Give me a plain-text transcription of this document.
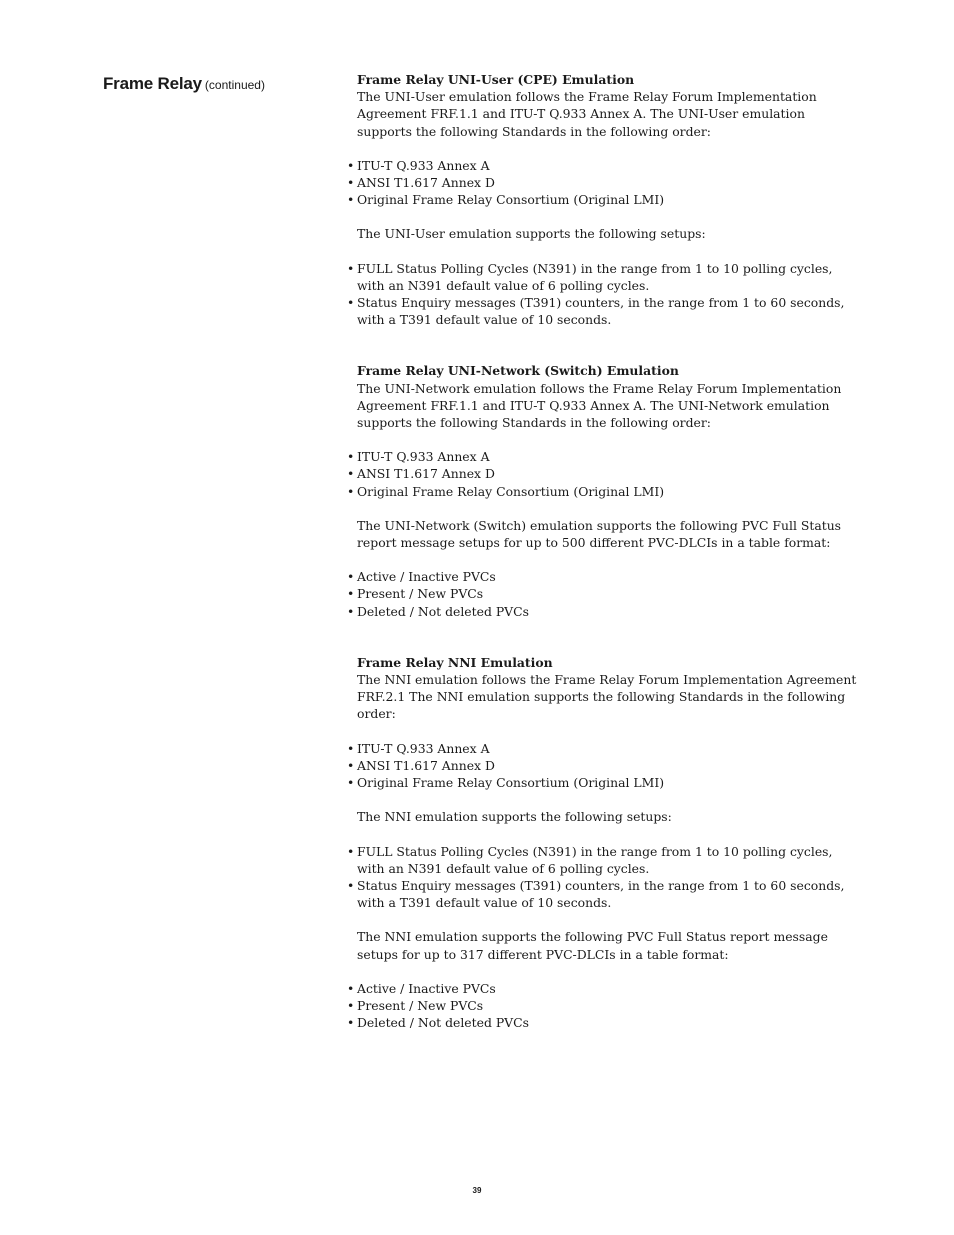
Frame Relay (continued)	Frame Relay UNI-User (CPE) Emulation

The UNI-User emulation follows the Frame Relay Forum Implementation Agreement FRF.1.1 and ITU-T Q.933 Annex A. The UNI-User emulation supports the following Standards in the following order:

• ITU-T Q.933 Annex A
• ANSI T1.617 Annex D
• Original Frame Relay Consortium (Original LMI)

The UNI-User emulation supports the following setups:

• FULL Status Polling Cycles (N391) in the range from 1 to 10 polling cycles, with an N391 default value of 6 polling cycles.
• Status Enquiry messages (T391) counters, in the range from 1 to 60 seconds, with a T391 default value of 10 seconds.

Frame Relay UNI-Network (Switch) Emulation

The UNI-Network emulation follows the Frame Relay Forum Implementation Agreement FRF.1.1 and ITU-T Q.933 Annex A. The UNI-Network emulation supports the following Standards in the following order:

• ITU-T Q.933 Annex A
• ANSI T1.617 Annex D
• Original Frame Relay Consortium (Original LMI)

The UNI-Network (Switch) emulation supports the following PVC Full Status report message setups for up to 500 different PVC-DLCIs in a table format:

• Active / Inactive PVCs
• Present / New PVCs
• Deleted / Not deleted PVCs

Frame Relay NNI Emulation

The NNI emulation follows the Frame Relay Forum Implementation Agreement FRF.2.1 The NNI emulation supports the following Standards in the following order:

• ITU-T Q.933 Annex A
• ANSI T1.617 Annex D
• Original Frame Relay Consortium (Original LMI)

The NNI emulation supports the following setups:

• FULL Status Polling Cycles (N391) in the range from 1 to 10 polling cycles, with an N391 default value of 6 polling cycles.
• Status Enquiry messages (T391) counters, in the range from 1 to 60 seconds, with a T391 default value of 10 seconds.

The NNI emulation supports the following PVC Full Status report message setups for up to 317 different PVC-DLCIs in a table format:

• Active / Inactive PVCs
• Present / New PVCs
• Deleted / Not deleted PVCs
39
